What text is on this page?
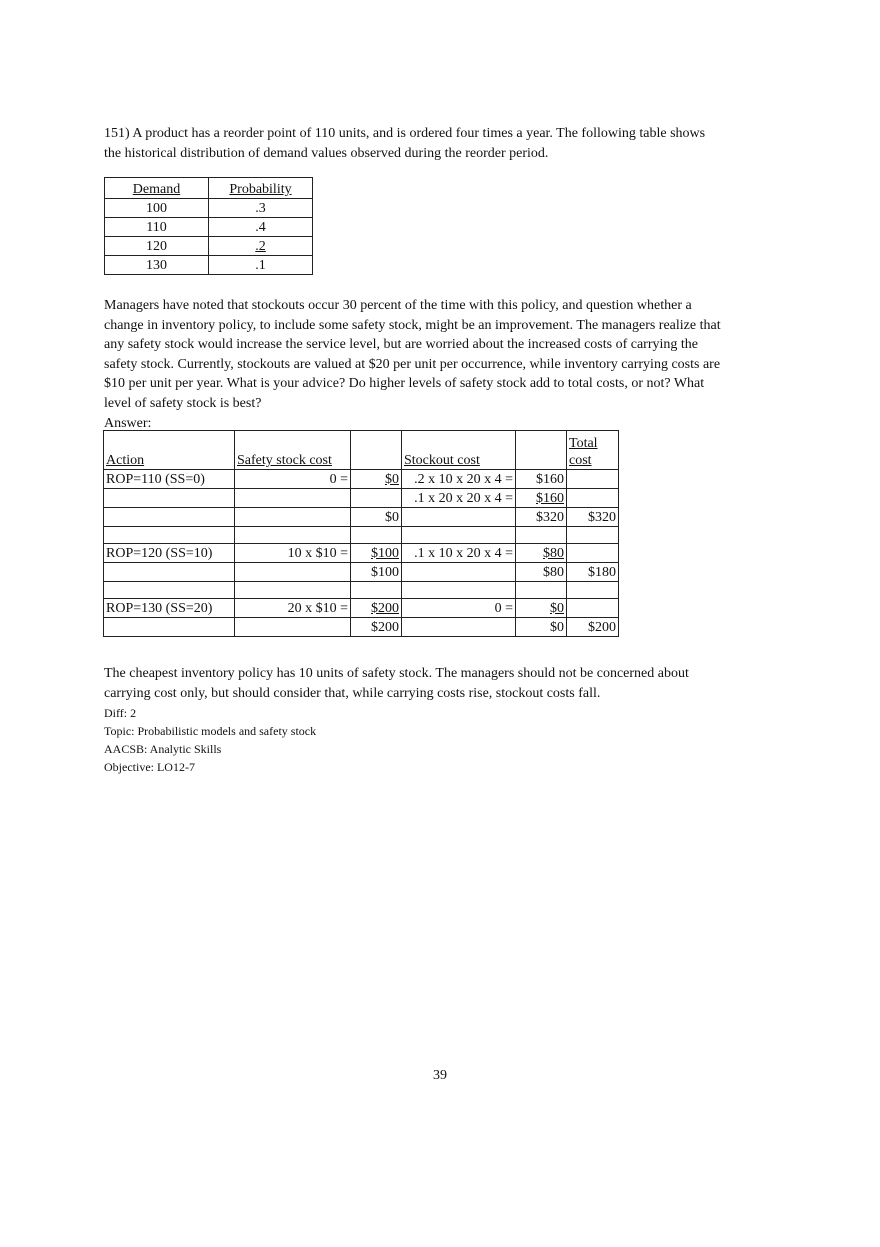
151) A product has a reorder point of 110 units, and is ordered four times a year. The following table shows the historical distribution of demand values observed during the reorder period.
Demand	Probability
100	.3
110	.4
120	.2
130	.1
Managers have noted that stockouts occur 30 percent of the time with this policy, and question whether a change in inventory policy, to include some safety stock, might be an improvement. The managers realize that any safety stock would increase the service level, but are worried about the increased costs of carrying the safety stock. Currently, stockouts are valued at $20 per unit per occurrence, while inventory carrying costs are $10 per unit per year. What is your advice? Do higher levels of safety stock add to total costs, or not? What level of safety stock is best?
Answer:
Action	Safety stock cost		Stockout cost		Total cost
ROP=110 (SS=0)	0 =	$0	.2 x 10 x 20 x 4 =	$160	
			.1 x 20 x 20 x 4 =	$160	
		$0		$320	$320

ROP=120 (SS=10)	10 x $10 =	$100	.1 x 10 x 20 x 4 =	$80	
		$100		$80	$180

ROP=130 (SS=20)	20 x $10 =	$200	0 =	$0	
		$200		$0	$200
The cheapest inventory policy has 10 units of safety stock. The managers should not be concerned about carrying cost only, but should consider that, while carrying costs rise, stockout costs fall.
Diff: 2
Topic: Probabilistic models and safety stock
AACSB: Analytic Skills
Objective: LO12-7
39
